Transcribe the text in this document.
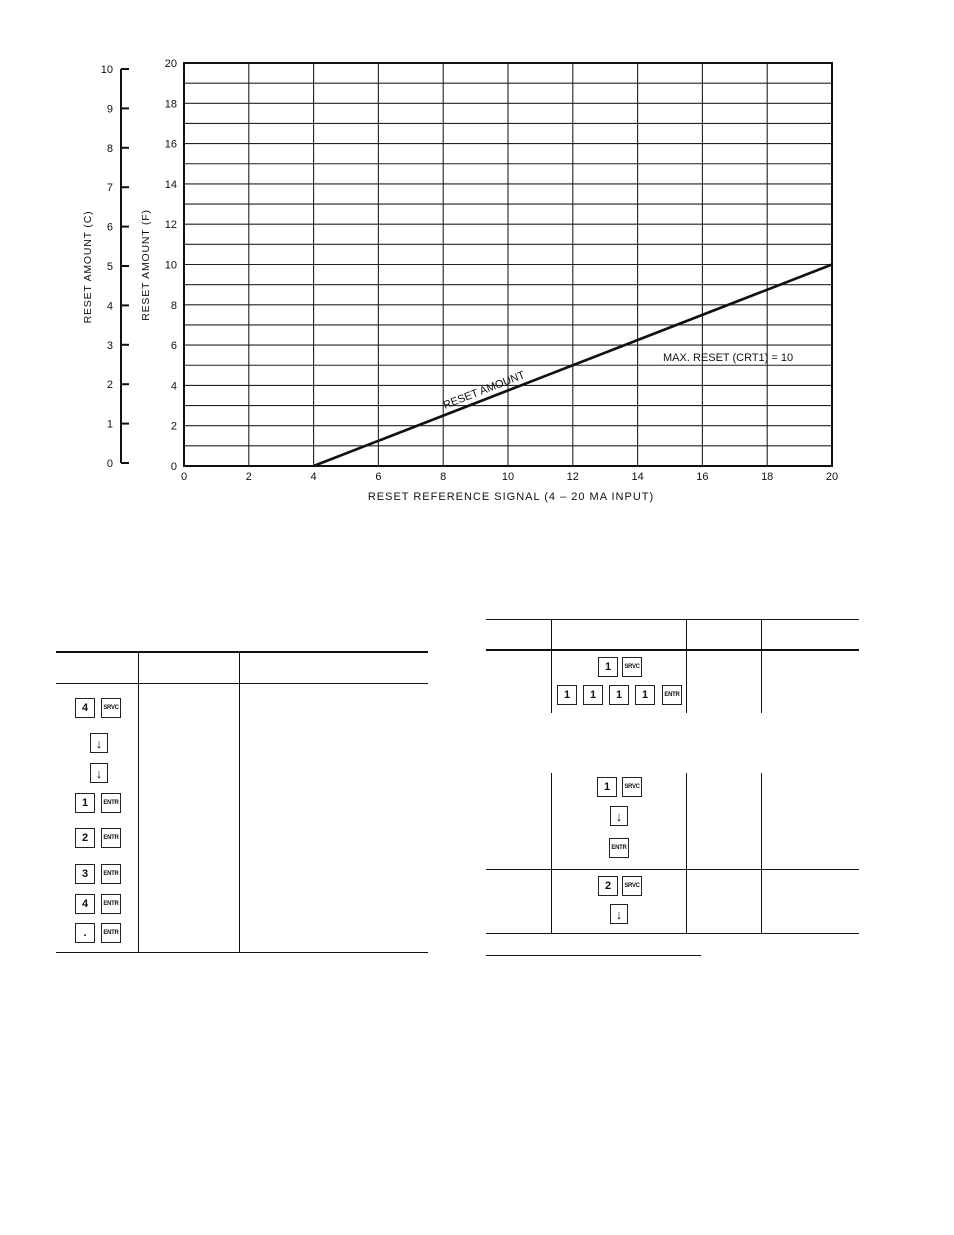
0	2	4	6	8	10	12	14	16	18	20
0
2
4
6
8
10
12
14
16
18
20
0
1
2
3
4
5
6
7
8
9
10
RESET REFERENCE SIGNAL (4 – 20 MA INPUT)
RESET AMOUNT (F)
RESET AMOUNT (C)
RESET AMOUNT
MAX. RESET (CRT1) = 10
4	SRVC
↓
↓
1	ENTR
2	ENTR
3	ENTR
4	ENTR
.	ENTR
1	SRVC
1	1	1	1	ENTR
1	SRVC
↓
ENTR
2	SRVC
↓
